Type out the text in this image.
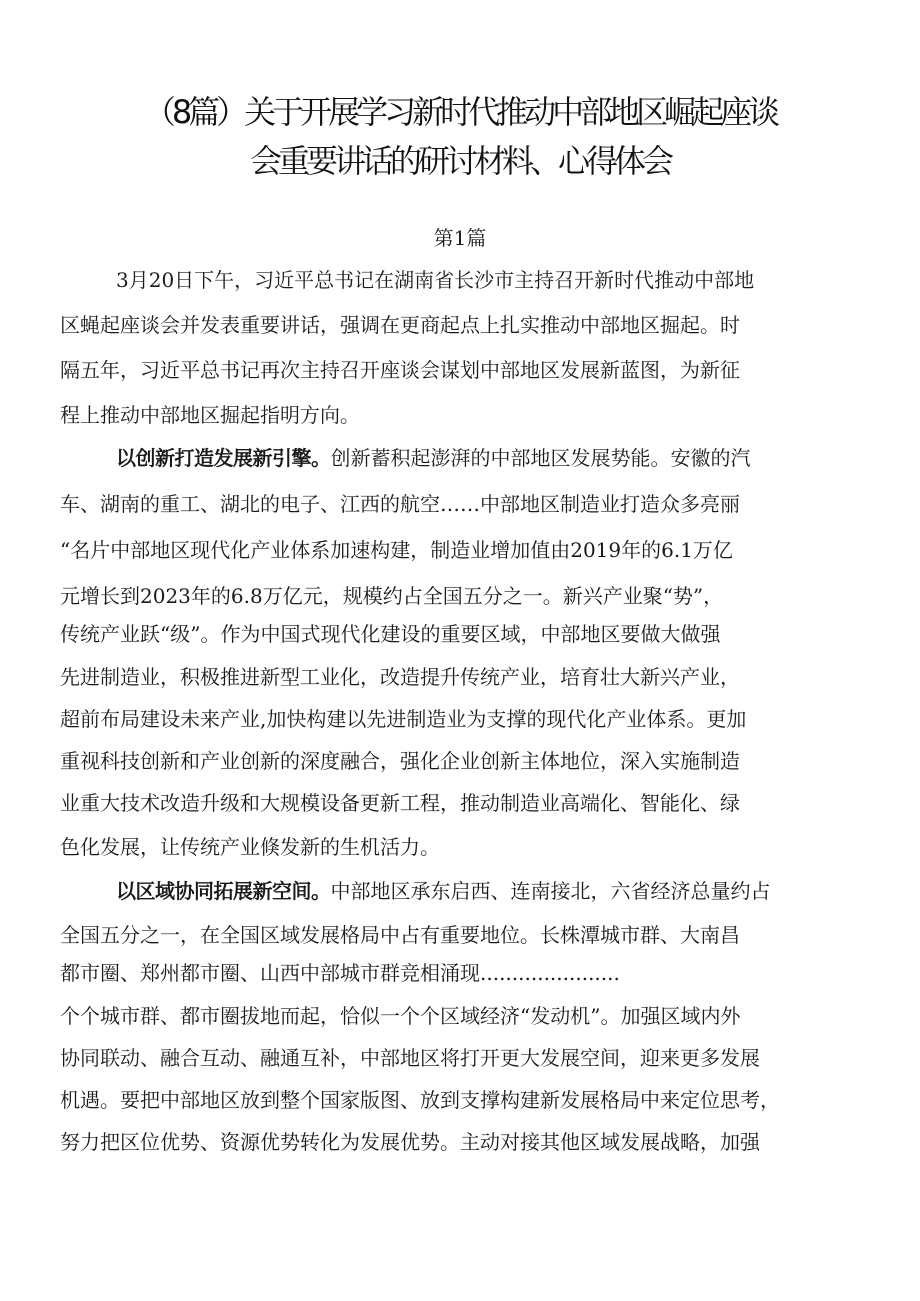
（8篇）关于开展学习新时代推动中部地区崛起座谈
会重要讲话的研讨材料、心得体会
第1篇
3月20日下午，习近平总书记在湖南省长沙市主持召开新时代推动中部地
区蝇起座谈会并发表重要讲话，强调在更商起点上扎实推动中部地区掘起。时
隔五年，习近平总书记再次主持召开座谈会谋划中部地区发展新蓝图，为新征
程上推动中部地区掘起指明方向。
以创新打造发展新引擎。创新蓄积起澎湃的中部地区发展势能。安徽的汽
车、湖南的重工、湖北的电子、江西的航空……中部地区制造业打造众多亮丽
“名片中部地区现代化产业体系加速构建，制造业增加值由2019年的6.1万亿
元增长到2023年的6.8万亿元，规模约占全国五分之一。新兴产业聚“势”，
传统产业跃“级”。作为中国式现代化建设的重要区域，中部地区要做大做强
先进制造业，积极推进新型工业化，改造提升传统产业，培育壮大新兴产业，
超前布局建设未来产业,加快构建以先进制造业为支撑的现代化产业体系。更加
重视科技创新和产业创新的深度融合，强化企业创新主体地位，深入实施制造
业重大技术改造升级和大规模设备更新工程，推动制造业高端化、智能化、绿
色化发展，让传统产业倏发新的生机活力。
以区域协同拓展新空间。中部地区承东启西、连南接北，六省经济总量约占
全国五分之一，在全国区域发展格局中占有重要地位。长株潭城市群、大南昌
都市圈、郑州都市圈、山西中部城市群竞相涌现......................
个个城市群、都市圈拔地而起，恰似一个个区域经济“发动机”。加强区域内外
协同联动、融合互动、融通互补，中部地区将打开更大发展空间，迎来更多发展
机遇。要把中部地区放到整个国家版图、放到支撑构建新发展格局中来定位思考，
努力把区位优势、资源优势转化为发展优势。主动对接其他区域发展战略，加强
